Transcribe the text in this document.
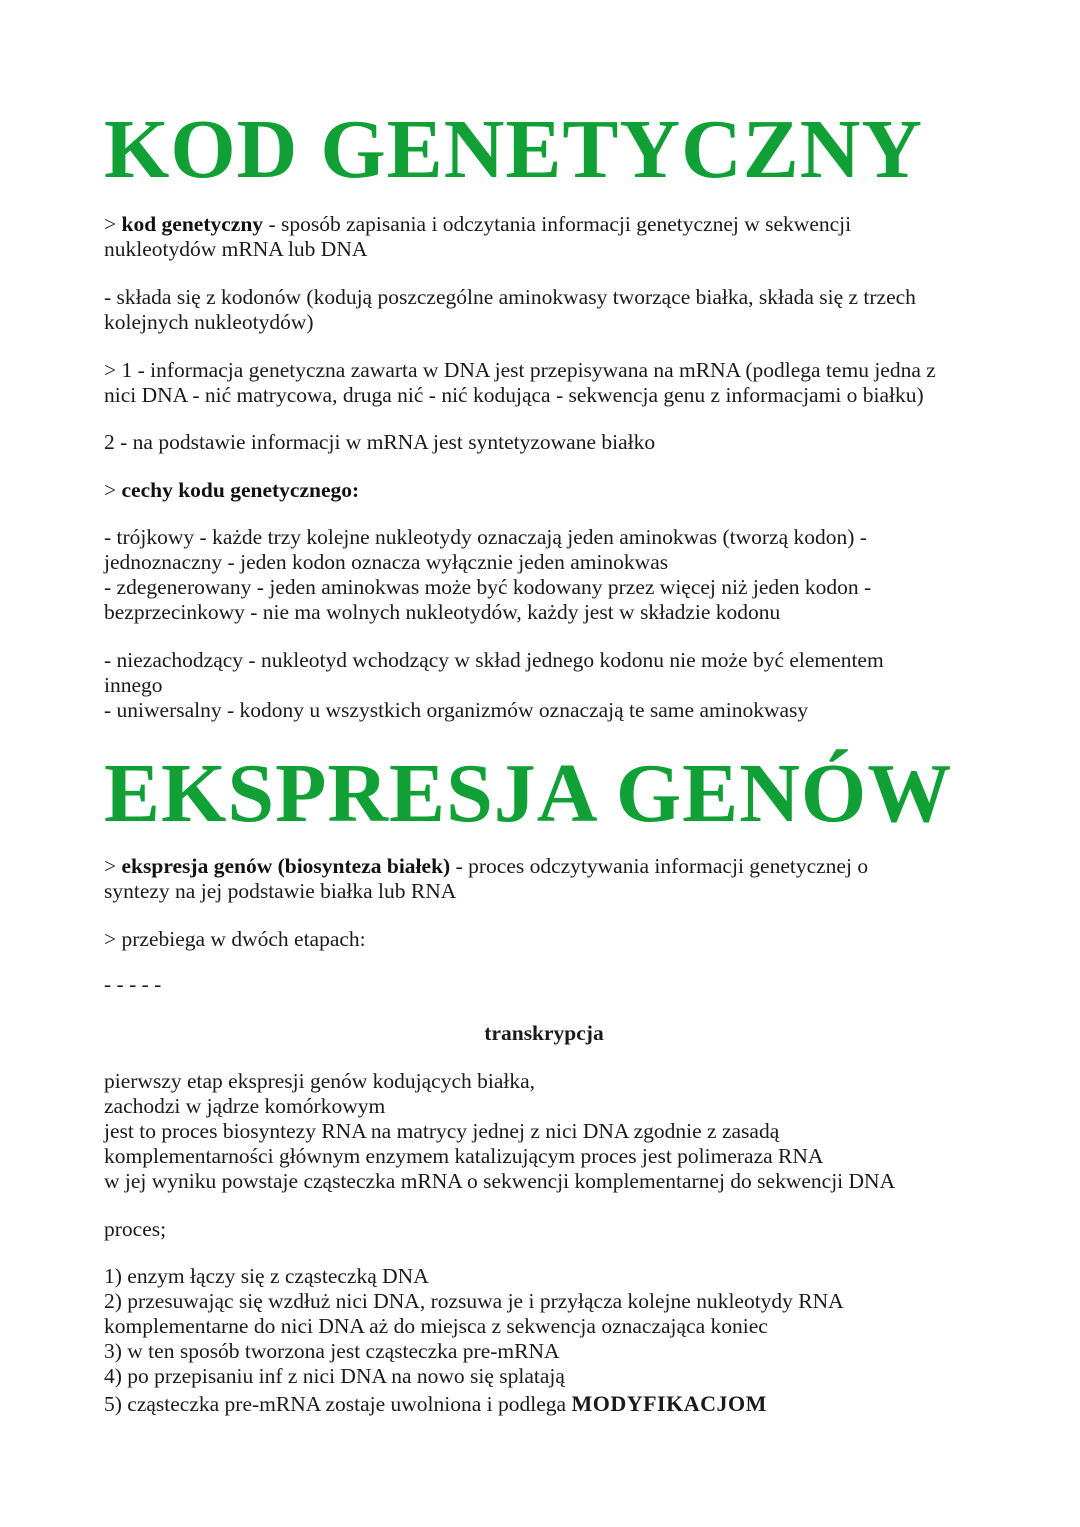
KOD GENETYCZNY

> kod genetyczny - sposób zapisania i odczytania informacji genetycznej w sekwencji
nukleotydów mRNA lub DNA

- składa się z kodonów (kodują poszczególne aminokwasy tworzące białka, składa się z trzech
kolejnych nukleotydów)

> 1 - informacja genetyczna zawarta w DNA jest przepisywana na mRNA (podlega temu jedna z
nici DNA - nić matrycowa, druga nić - nić kodująca - sekwencja genu z informacjami o białku)

2 - na podstawie informacji w mRNA jest syntetyzowane białko

> cechy kodu genetycznego:

- trójkowy - każde trzy kolejne nukleotydy oznaczają jeden aminokwas (tworzą kodon) -
jednoznaczny - jeden kodon oznacza wyłącznie jeden aminokwas
- zdegenerowany - jeden aminokwas może być kodowany przez więcej niż jeden kodon -
bezprzecinkowy - nie ma wolnych nukleotydów, każdy jest w składzie kodonu

- niezachodzący - nukleotyd wchodzący w skład jednego kodonu nie może być elementem
innego
- uniwersalny - kodony u wszystkich organizmów oznaczają te same aminokwasy

EKSPRESJA GENÓW

> ekspresja genów (biosynteza białek) - proces odczytywania informacji genetycznej o
syntezy na jej podstawie białka lub RNA

> przebiega w dwóch etapach:

- - - - -

transkrypcja

pierwszy etap ekspresji genów kodujących białka,
zachodzi w jądrze komórkowym
jest to proces biosyntezy RNA na matrycy jednej z nici DNA zgodnie z zasadą
komplementarności głównym enzymem katalizującym proces jest polimeraza RNA
w jej wyniku powstaje cząsteczka mRNA o sekwencji komplementarnej do sekwencji DNA

proces;

1) enzym łączy się z cząsteczką DNA
2) przesuwając się wzdłuż nici DNA, rozsuwa je i przyłącza kolejne nukleotydy RNA
komplementarne do nici DNA aż do miejsca z sekwencja oznaczająca koniec
3) w ten sposób tworzona jest cząsteczka pre-mRNA
4) po przepisaniu inf z nici DNA na nowo się splatają

5) cząsteczka pre-mRNA zostaje uwolniona i podlega MODYFIKACJOM
